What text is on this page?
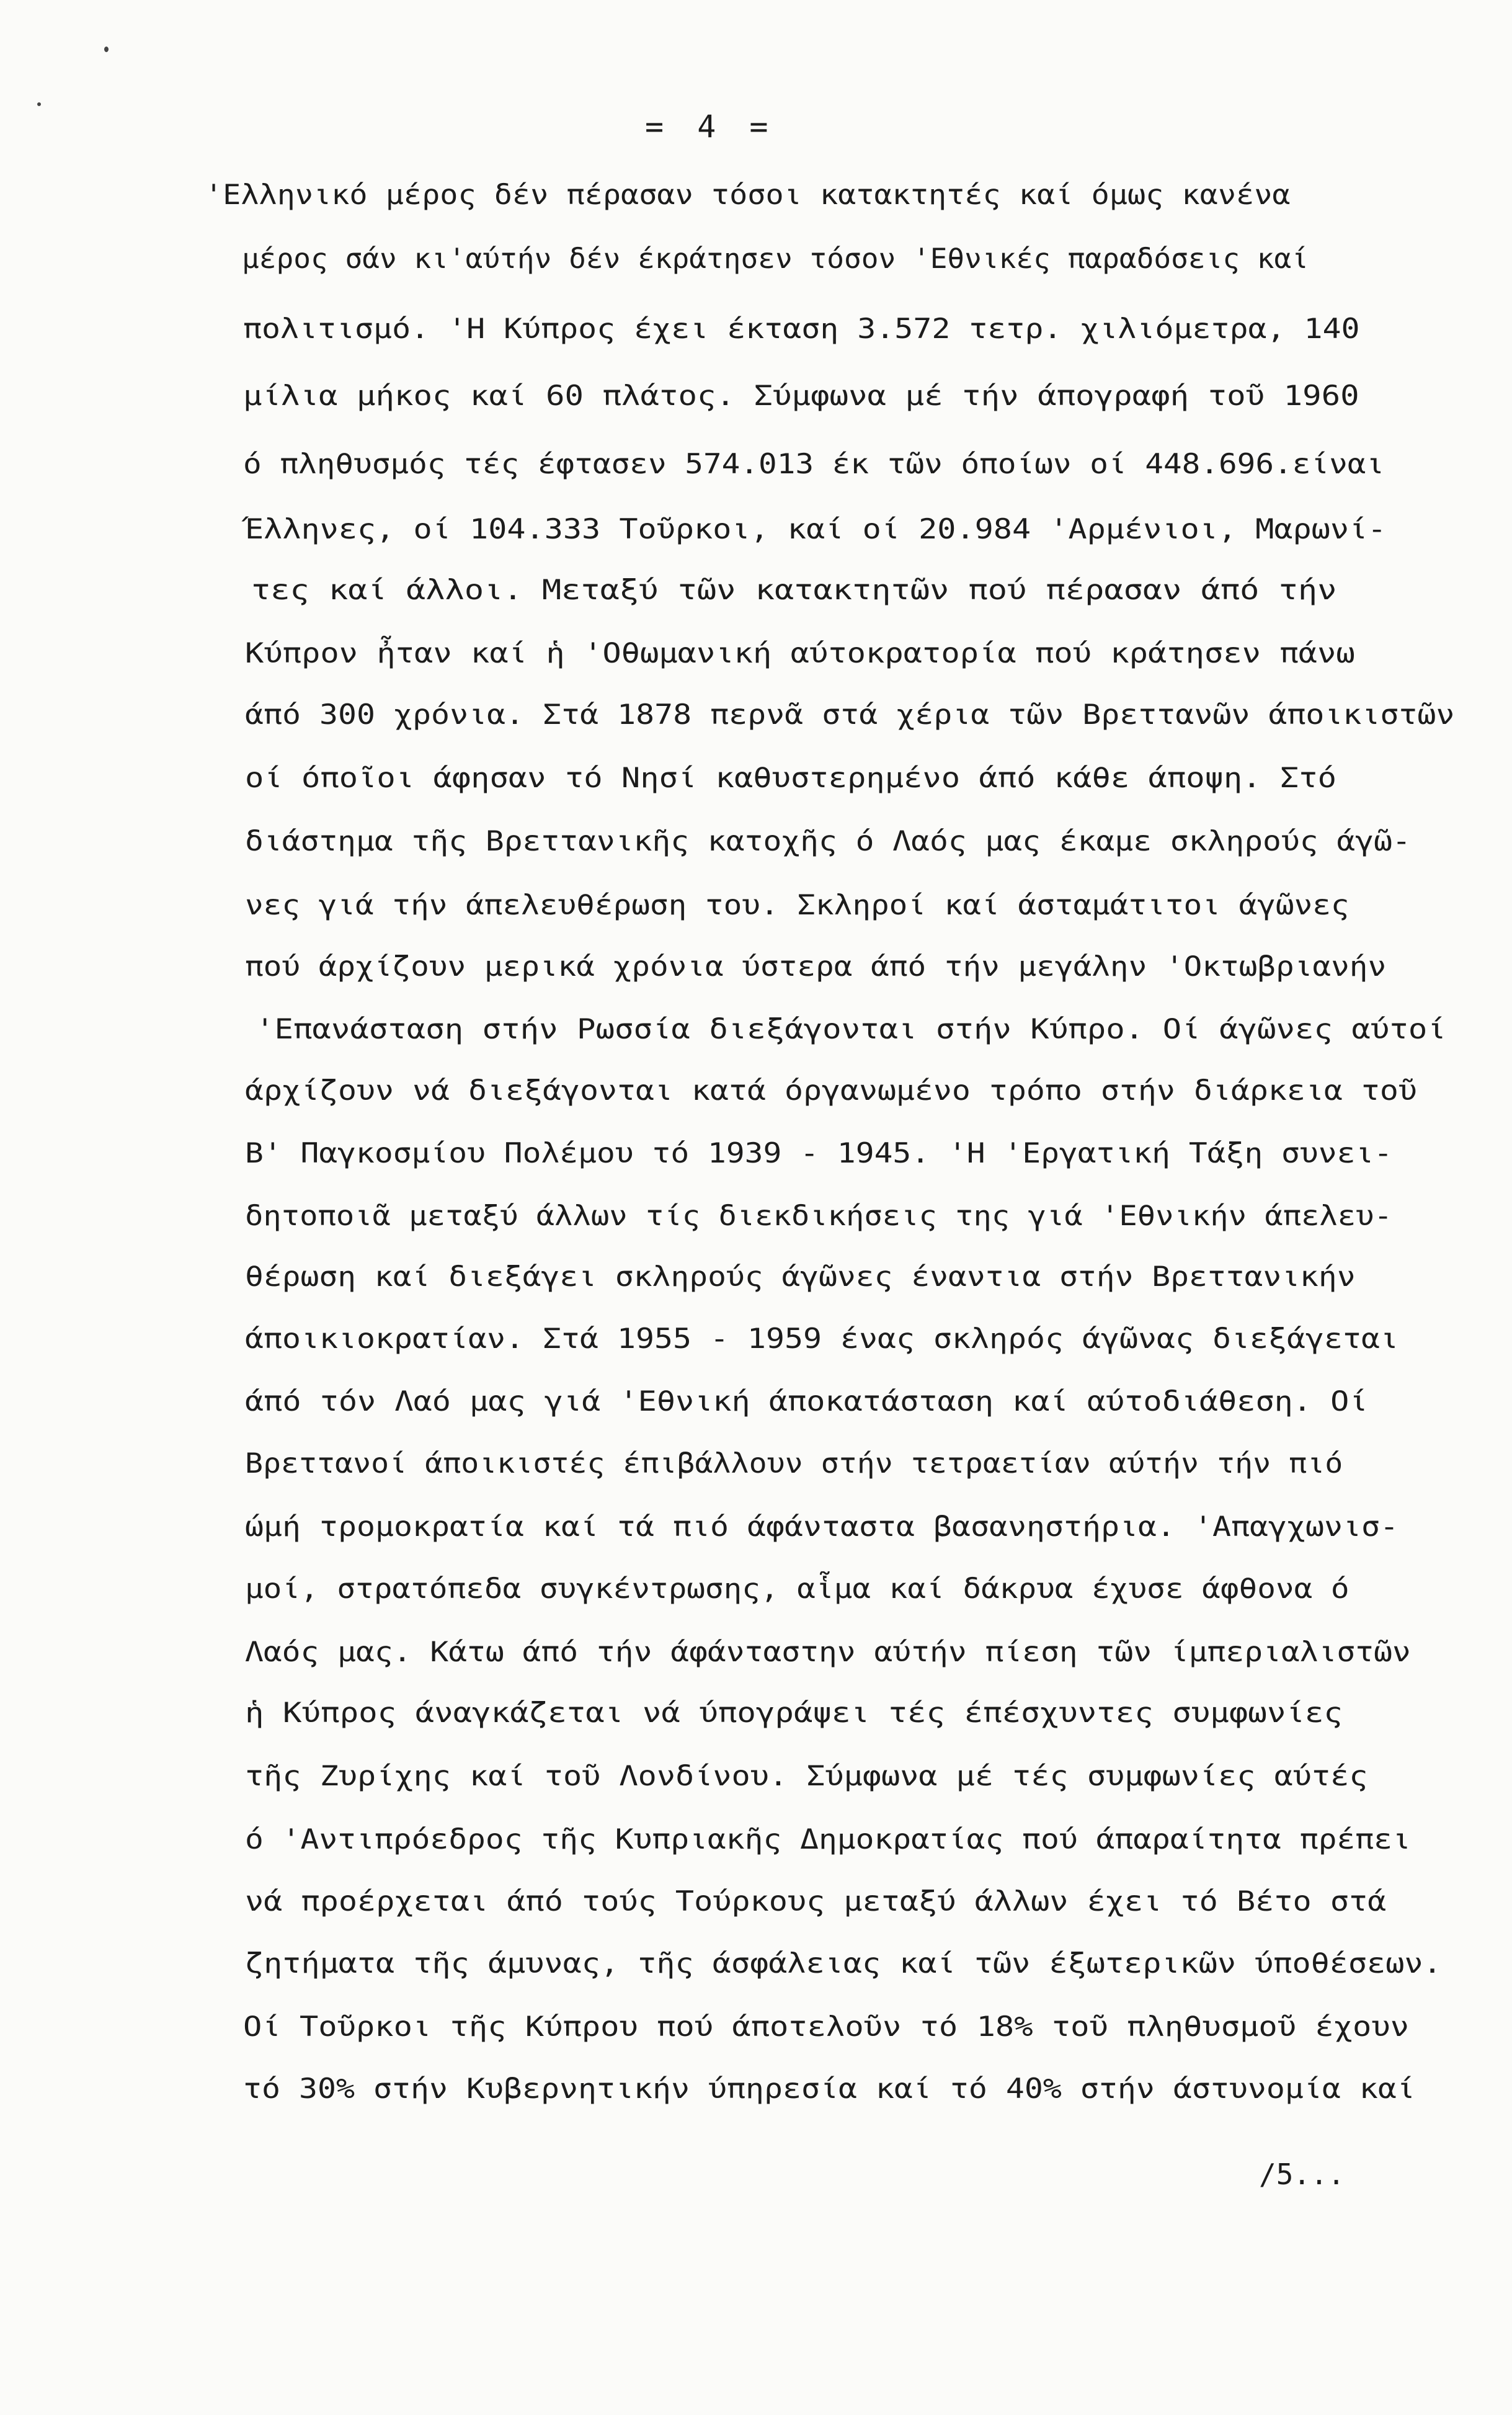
= 4 =
'Ελληνικό μέρος δέν πέρασαν τόσοι κατακτητές καί όμως κανένα
μέρος σάν κι'αύτήν δέν έκράτησεν τόσον 'Εθνικές παραδόσεις καί
πολιτισμό. 'Η Κύπρος έχει έκταση 3.572 τετρ. χιλιόμετρα, 140
μίλια μήκος καί 60 πλάτος. Σύμφωνα μέ τήν άπογραφή τοῦ 1960
ό πληθυσμός τές έφτασεν 574.013 έκ τῶν όποίων οί 448.696.είναι
Έλληνες, οί 104.333 Τοῦρκοι, καί οί 20.984 'Αρμένιοι, Μαρωνί-
τες καί άλλοι. Μεταξύ τῶν κατακτητῶν πού πέρασαν άπό τήν
Κύπρον ἦταν καί ἡ 'Οθωμανική αύτοκρατορία πού κράτησεν πάνω
άπό 300 χρόνια. Στά 1878 περνᾶ στά χέρια τῶν Βρεττανῶν άποικιστῶν
οί όποῖοι άφησαν τό Νησί καθυστερημένο άπό κάθε άποψη. Στό
διάστημα τῆς Βρεττανικῆς κατοχῆς ό Λαός μας έκαμε σκληρούς άγῶ-
νες γιά τήν άπελευθέρωση του. Σκληροί καί άσταμάτιτοι άγῶνες
πού άρχίζουν μερικά χρόνια ύστερα άπό τήν μεγάλην 'Οκτωβριανήν
'Επανάσταση στήν Ρωσσία διεξάγονται στήν Κύπρο. Οί άγῶνες αύτοί
άρχίζουν νά διεξάγονται κατά όργανωμένο τρόπο στήν διάρκεια τοῦ
Β' Παγκοσμίου Πολέμου τό 1939 - 1945. 'Η 'Εργατική Τάξη συνει-
δητοποιᾶ μεταξύ άλλων τίς διεκδικήσεις της γιά 'Εθνικήν άπελευ-
θέρωση καί διεξάγει σκληρούς άγῶνες έναντια στήν Βρεττανικήν
άποικιοκρατίαν. Στά 1955 - 1959 ένας σκληρός άγῶνας διεξάγεται
άπό τόν Λαό μας γιά 'Εθνική άποκατάσταση καί αύτοδιάθεση. Οί
Βρεττανοί άποικιστές έπιβάλλουν στήν τετραετίαν αύτήν τήν πιό
ώμή τρομοκρατία καί τά πιό άφάνταστα βασανηστήρια. 'Απαγχωνισ-
μοί, στρατόπεδα συγκέντρωσης, αἷμα καί δάκρυα έχυσε άφθονα ό
Λαός μας. Κάτω άπό τήν άφάνταστην αύτήν πίεση τῶν ίμπεριαλιστῶν
ἡ Κύπρος άναγκάζεται νά ύπογράψει τές έπέσχυντες συμφωνίες
τῆς Ζυρίχης καί τοῦ Λονδίνου. Σύμφωνα μέ τές συμφωνίες αύτές
ό 'Αντιπρόεδρος τῆς Κυπριακῆς Δημοκρατίας πού άπαραίτητα πρέπει
νά προέρχεται άπό τούς Τούρκους μεταξύ άλλων έχει τό Βέτο στά
ζητήματα τῆς άμυνας, τῆς άσφάλειας καί τῶν έξωτερικῶν ύποθέσεων.
Οί Τοῦρκοι τῆς Κύπρου πού άποτελοῦν τό 18% τοῦ πληθυσμοῦ έχουν
τό 30% στήν Κυβερνητικήν ύπηρεσία καί τό 40% στήν άστυνομία καί
/5...
